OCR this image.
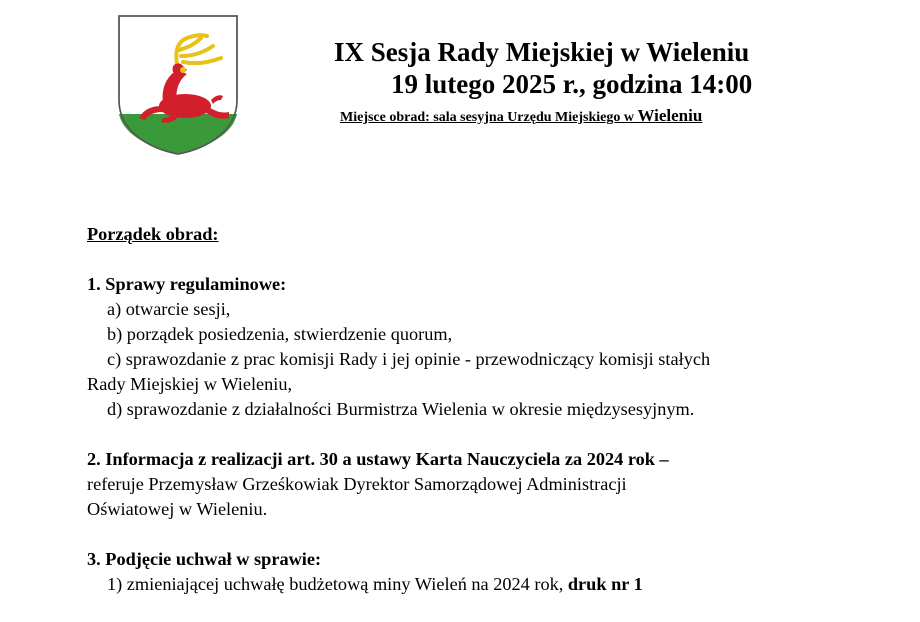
IX Sesja Rady Miejskiej w Wieleniu
19 lutego 2025 r., godzina 14:00
Miejsce obrad: sala sesyjna Urzędu Miejskiego w Wieleniu
Porządek obrad:
1. Sprawy regulaminowe:
a) otwarcie sesji,
b) porządek posiedzenia, stwierdzenie quorum,
c) sprawozdanie z prac komisji Rady i jej opinie - przewodniczący komisji stałych
Rady Miejskiej w Wieleniu,
d) sprawozdanie z działalności Burmistrza Wielenia w okresie międzysesyjnym.
2. Informacja z realizacji art. 30 a ustawy Karta Nauczyciela za 2024 rok –
referuje Przemysław Grześkowiak Dyrektor Samorządowej Administracji
Oświatowej w Wieleniu.
3. Podjęcie uchwał w sprawie:
1) zmieniającej uchwałę budżetową miny Wieleń na 2024 rok, druk nr 1
